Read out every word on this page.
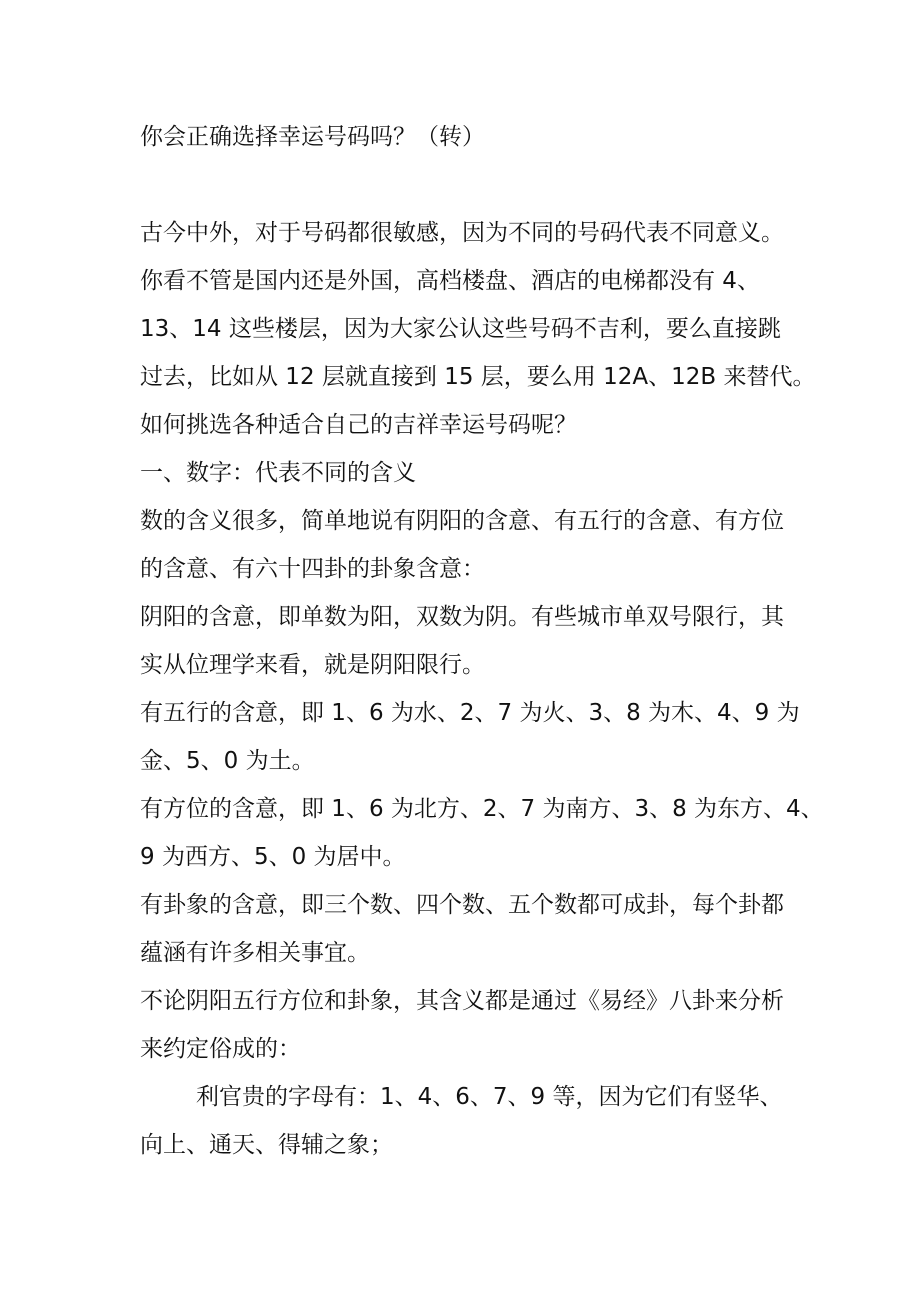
你会正确选择幸运号码吗？（转）

古今中外，对于号码都很敏感，因为不同的号码代表不同意义。

你看不管是国内还是外国，高档楼盘、酒店的电梯都没有 4、

13、14 这些楼层，因为大家公认这些号码不吉利，要么直接跳

过去，比如从 12 层就直接到 15 层，要么用 12A、12B 来替代。

如何挑选各种适合自己的吉祥幸运号码呢？

一、数字：代表不同的含义

数的含义很多，简单地说有阴阳的含意、有五行的含意、有方位

的含意、有六十四卦的卦象含意：

阴阳的含意，即单数为阳，双数为阴。有些城市单双号限行，其

实从位理学来看，就是阴阳限行。

有五行的含意，即 1、6 为水、2、7 为火、3、8 为木、4、9 为

金、5、0 为土。

有方位的含意，即 1、6 为北方、2、7 为南方、3、8 为东方、4、

9 为西方、5、0 为居中。

有卦象的含意，即三个数、四个数、五个数都可成卦，每个卦都

蕴涵有许多相关事宜。

不论阴阳五行方位和卦象，其含义都是通过《易经》八卦来分析

来约定俗成的：

利官贵的字母有：1、4、6、7、9 等，因为它们有竖华、

向上、通天、得辅之象；
